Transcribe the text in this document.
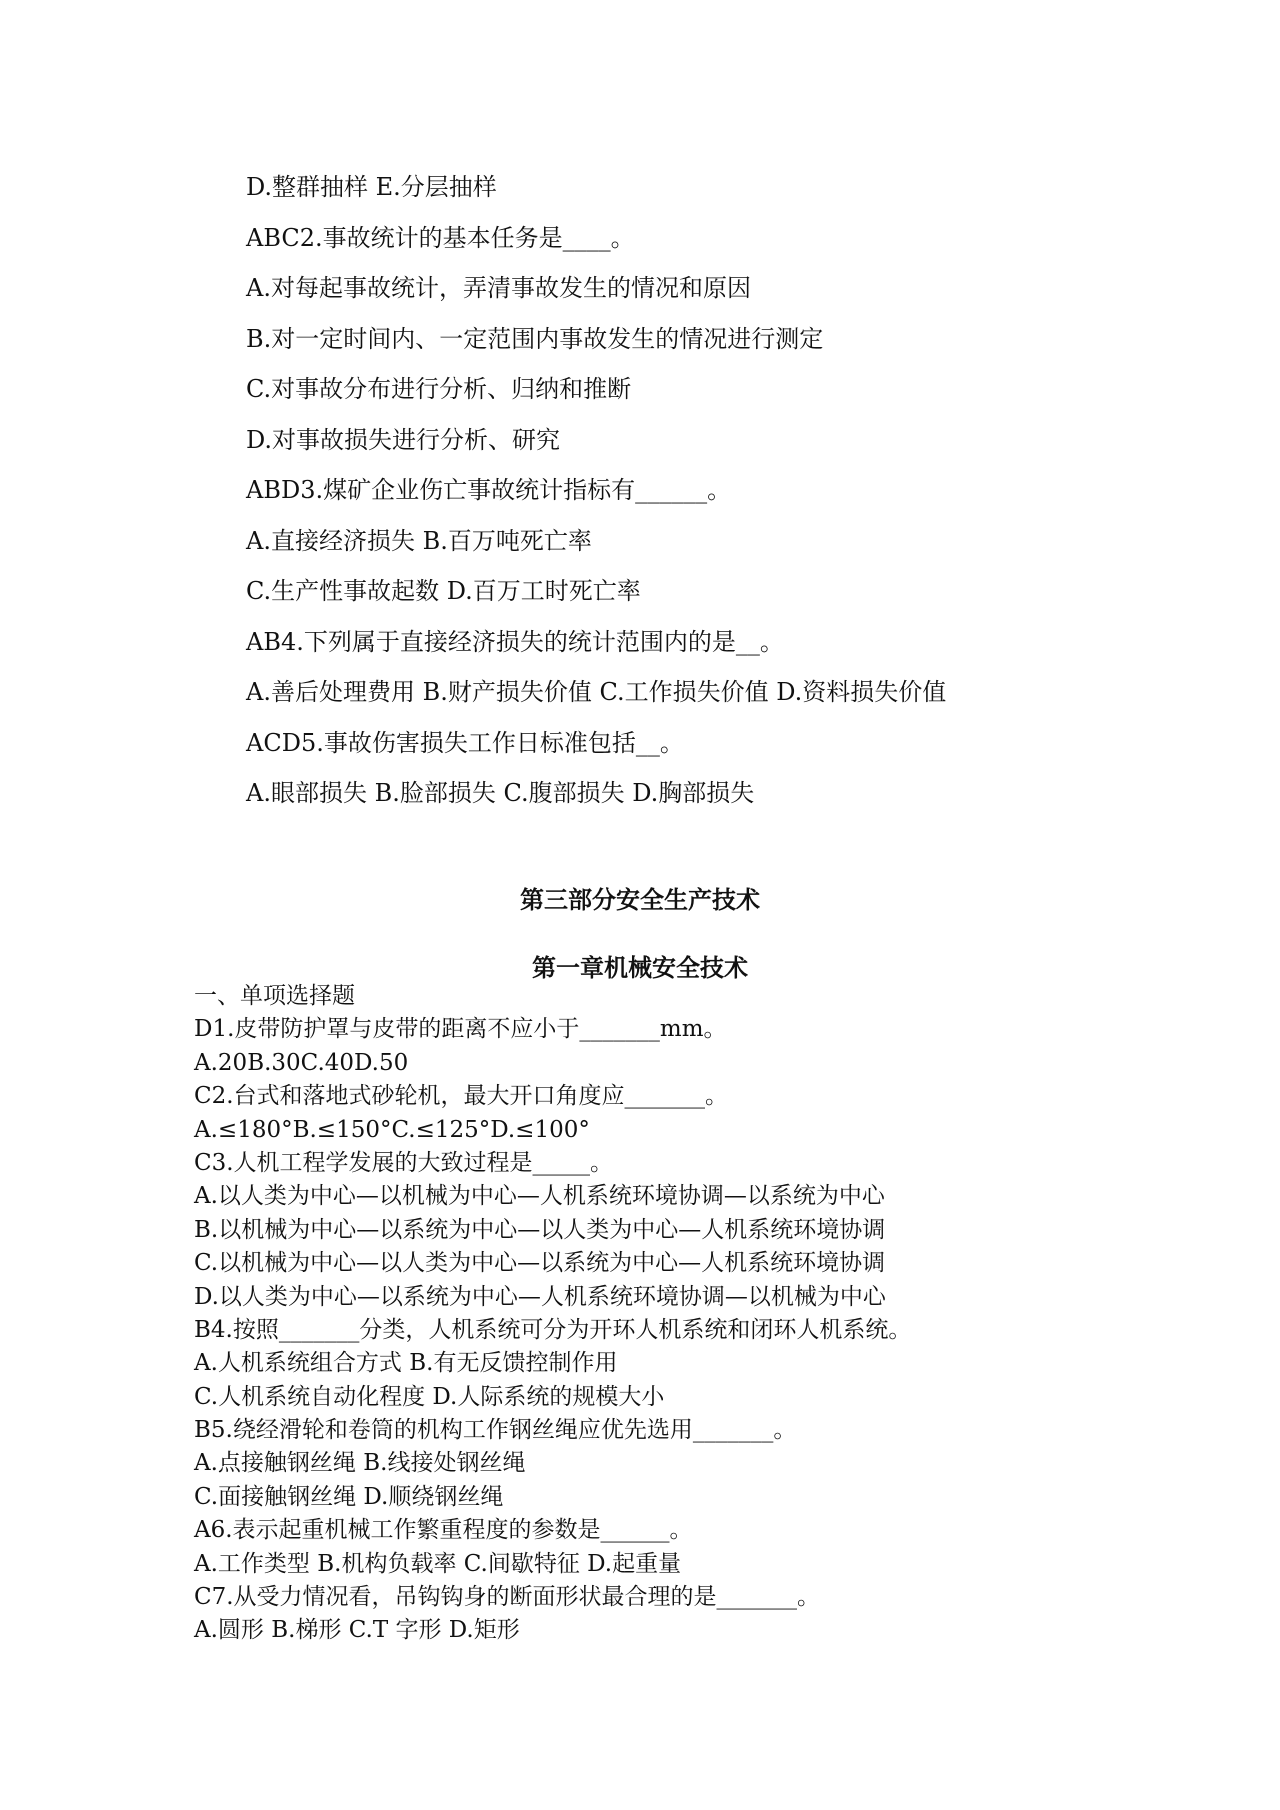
D.整群抽样 E.分层抽样
ABC2.事故统计的基本任务是____。
A.对每起事故统计，弄清事故发生的情况和原因
B.对一定时间内、一定范围内事故发生的情况进行测定
C.对事故分布进行分析、归纳和推断
D.对事故损失进行分析、研究
ABD3.煤矿企业伤亡事故统计指标有______。
A.直接经济损失 B.百万吨死亡率
C.生产性事故起数 D.百万工时死亡率
AB4.下列属于直接经济损失的统计范围内的是__。
A.善后处理费用 B.财产损失价值 C.工作损失价值 D.资料损失价值
ACD5.事故伤害损失工作日标准包括__。
A.眼部损失 B.脸部损失 C.腹部损失 D.胸部损失
第三部分安全生产技术
第一章机械安全技术
一、单项选择题
D1.皮带防护罩与皮带的距离不应小于_______mm。
A.20B.30C.40D.50
C2.台式和落地式砂轮机，最大开口角度应_______。
A.≤180°B.≤150°C.≤125°D.≤100°
C3.人机工程学发展的大致过程是_____。
A.以人类为中心—以机械为中心—人机系统环境协调—以系统为中心
B.以机械为中心—以系统为中心—以人类为中心—人机系统环境协调
C.以机械为中心—以人类为中心—以系统为中心—人机系统环境协调
D.以人类为中心—以系统为中心—人机系统环境协调—以机械为中心
B4.按照_______分类，人机系统可分为开环人机系统和闭环人机系统。
A.人机系统组合方式 B.有无反馈控制作用
C.人机系统自动化程度 D.人际系统的规模大小
B5.绕经滑轮和卷筒的机构工作钢丝绳应优先选用_______。
A.点接触钢丝绳 B.线接处钢丝绳
C.面接触钢丝绳 D.顺绕钢丝绳
A6.表示起重机械工作繁重程度的参数是______。
A.工作类型 B.机构负载率 C.间歇特征 D.起重量
C7.从受力情况看，吊钩钩身的断面形状最合理的是_______。
A.圆形 B.梯形 C.T 字形 D.矩形
